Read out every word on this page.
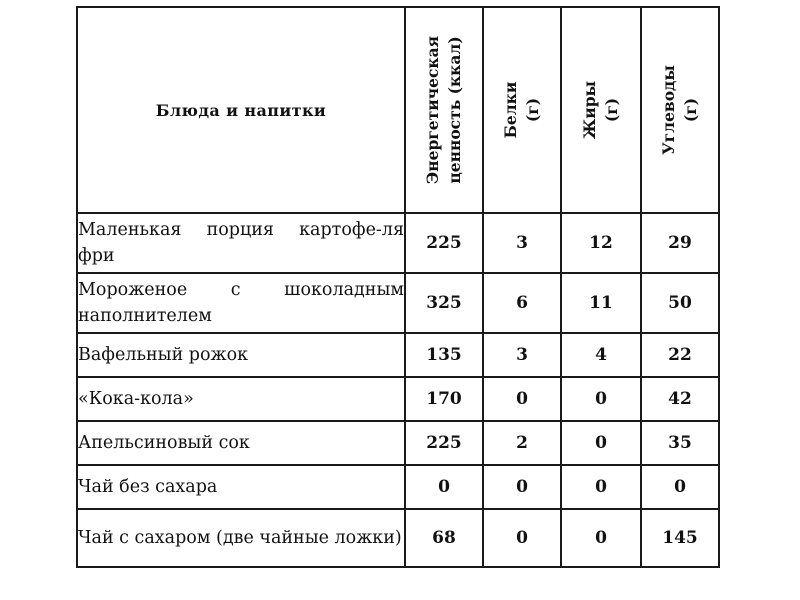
Блюда и напитки	Энергетическая ценность (ккал)	Белки (г)	Жиры (г)	Углеводы (г)

Маленькая порция картофе-ля фри	225	3	12	29
Мороженое с шоколадным наполнителем	325	6	11	50
Вафельный рожок	135	3	4	22
«Кока-кола»	170	0	0	42
Апельсиновый сок	225	2	0	35
Чай без сахара	0	0	0	0
Чай с сахаром (две чайные ложки)	68	0	0	145
